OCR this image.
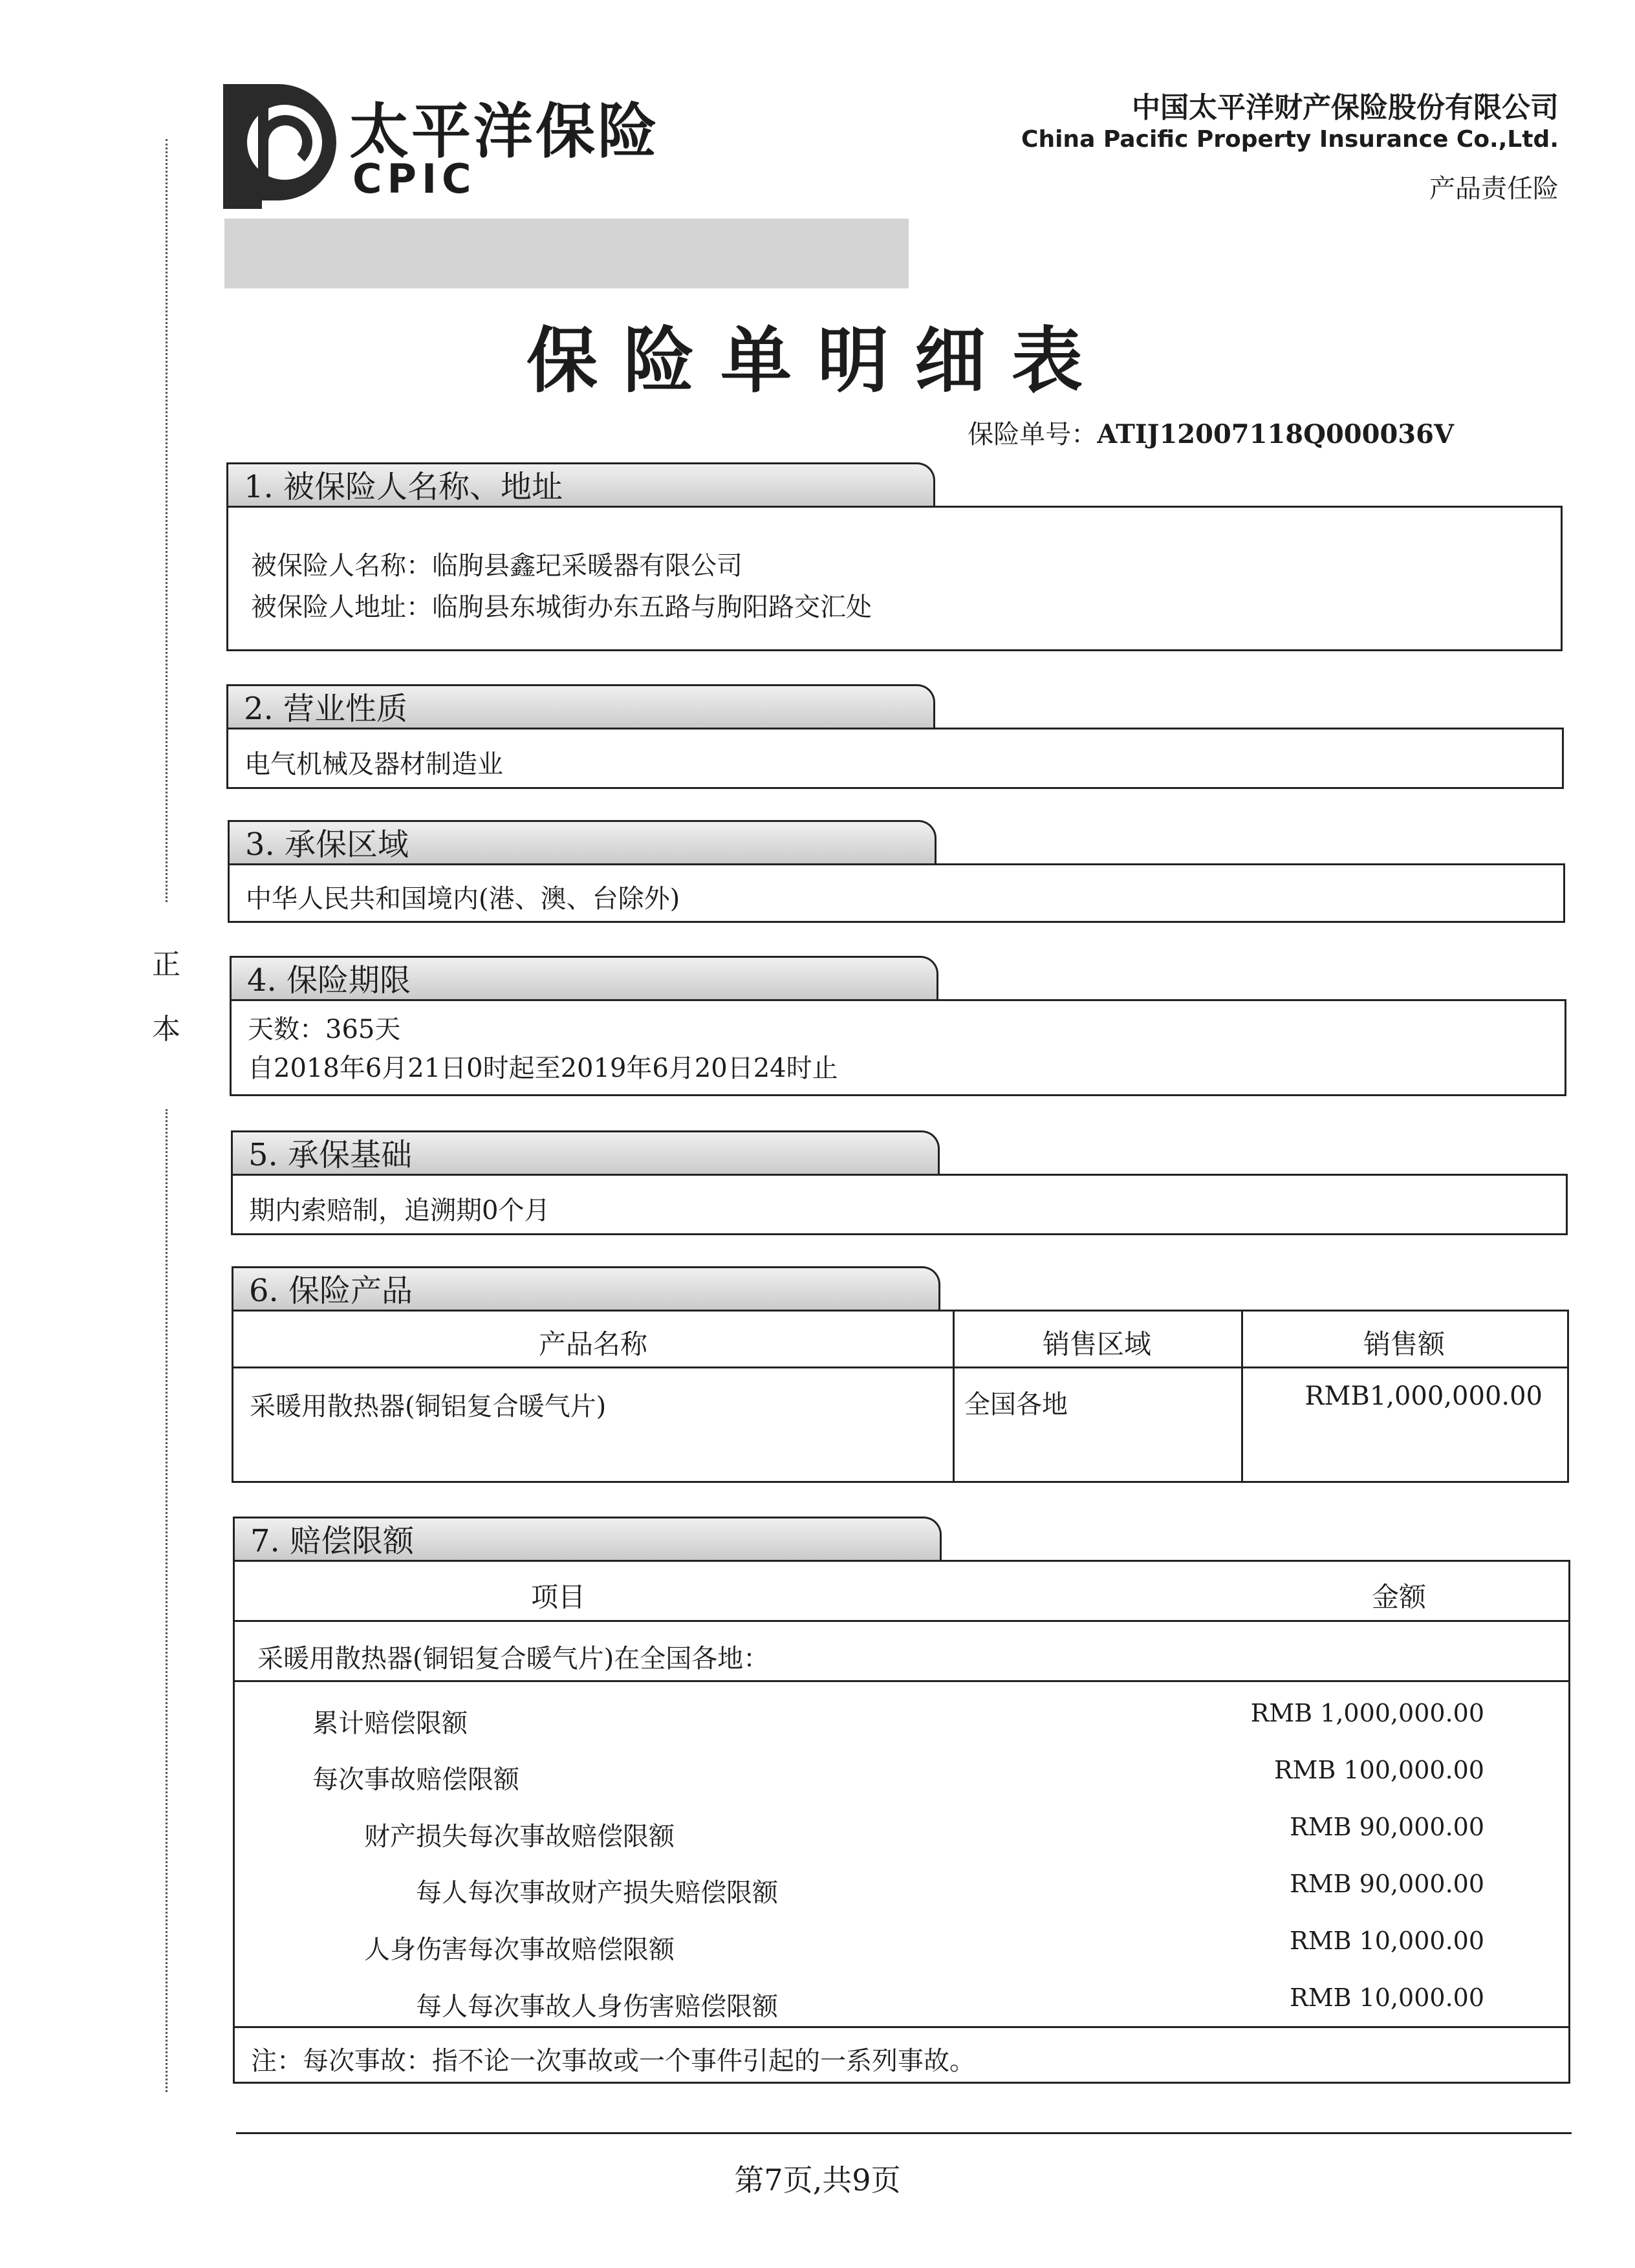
太平洋保险
CPIC
中国太平洋财产保险股份有限公司
China Pacific Property Insurance Co.,Ltd.
产品责任险
保险单明细表
保险单号：ATIJ12007118Q000036V
正
本
1. 被保险人名称、地址
被保险人名称：临朐县鑫玘采暖器有限公司
被保险人地址：临朐县东城街办东五路与朐阳路交汇处
2. 营业性质
电气机械及器材制造业
3. 承保区域
中华人民共和国境内(港、澳、台除外)
4. 保险期限
天数：365天
自2018年6月21日0时起至2019年6月20日24时止
5. 承保基础
期内索赔制，追溯期0个月
6. 保险产品
产品名称	销售区域	销售额
采暖用散热器(铜铝复合暖气片)	全国各地	RMB1,000,000.00
7. 赔偿限额
项目	金额
采暖用散热器(铜铝复合暖气片)在全国各地：
累计赔偿限额	RMB 1,000,000.00
每次事故赔偿限额	RMB 100,000.00
财产损失每次事故赔偿限额	RMB 90,000.00
每人每次事故财产损失赔偿限额	RMB 90,000.00
人身伤害每次事故赔偿限额	RMB 10,000.00
每人每次事故人身伤害赔偿限额	RMB 10,000.00
注：每次事故：指不论一次事故或一个事件引起的一系列事故。
第7页,共9页
